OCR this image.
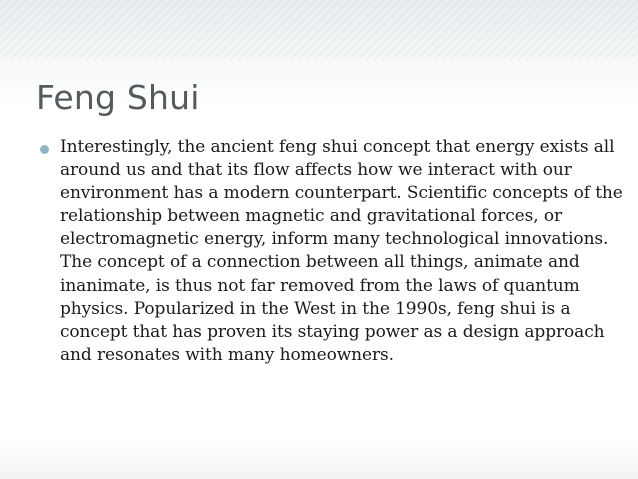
Feng Shui
Interestingly, the ancient feng shui concept that energy exists all around us and that its flow affects how we interact with our environment has a modern counterpart. Scientific concepts of the relationship between magnetic and gravitational forces, or electromagnetic energy, inform many technological innovations. The concept of a connection between all things, animate and inanimate, is thus not far removed from the laws of quantum physics. Popularized in the West in the 1990s, feng shui is a concept that has proven its staying power as a design approach and resonates with many homeowners.
